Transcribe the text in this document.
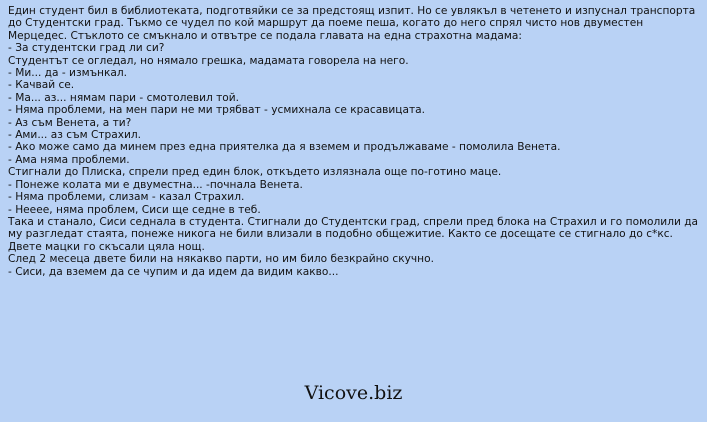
Един студент бил в библиотеката, подготвяйки се за предстоящ изпит. Но се увлякъл в четенето и изпуснал транспорта до Студентски град. Тъкмо се чудел по кой маршрут да поеме пеша, когато до него спрял чисто нов двуместен Мерцедес. Стъклото се смъкнало и отвътре се подала главата на една страхотна мадама:

- За студентски град ли си?

Студентът се огледал, но нямало грешка, мадамата говорела на него.

- Ми... да - измънкал.

- Качвай се.

- Ма... аз... нямам пари - смотолевил той.

- Няма проблеми, на мен пари не ми трябват - усмихнала се красавицата.

- Аз съм Венета, а ти?

- Ами... аз съм Страхил.

- Ако може само да минем през една приятелка да я вземем и продължаваме - помолила Венета.

- Ама няма проблеми.

Стигнали до Плиска, спрели пред един блок, откъдето излязнала още по-готино маце.

- Понеже колата ми е двуместна... -почнала Венета.

- Няма проблеми, слизам - казал Страхил.

- Нееее, няма проблем, Сиси ще седне в теб.

Така и станало, Сиси седнала в студента. Стигнали до Студентски град, спрели пред блока на Страхил и го помолили да му разгледат стаята, понеже никога не били влизали в подобно общежитие. Както се досещате се стигнало до с*кс. Двете мацки го скъсали цяла нощ.

След 2 месеца двете били на някакво парти, но им било безкрайно скучно.

- Сиси, да вземем да се чупим и да идем да видим какво...

Vicove.biz
